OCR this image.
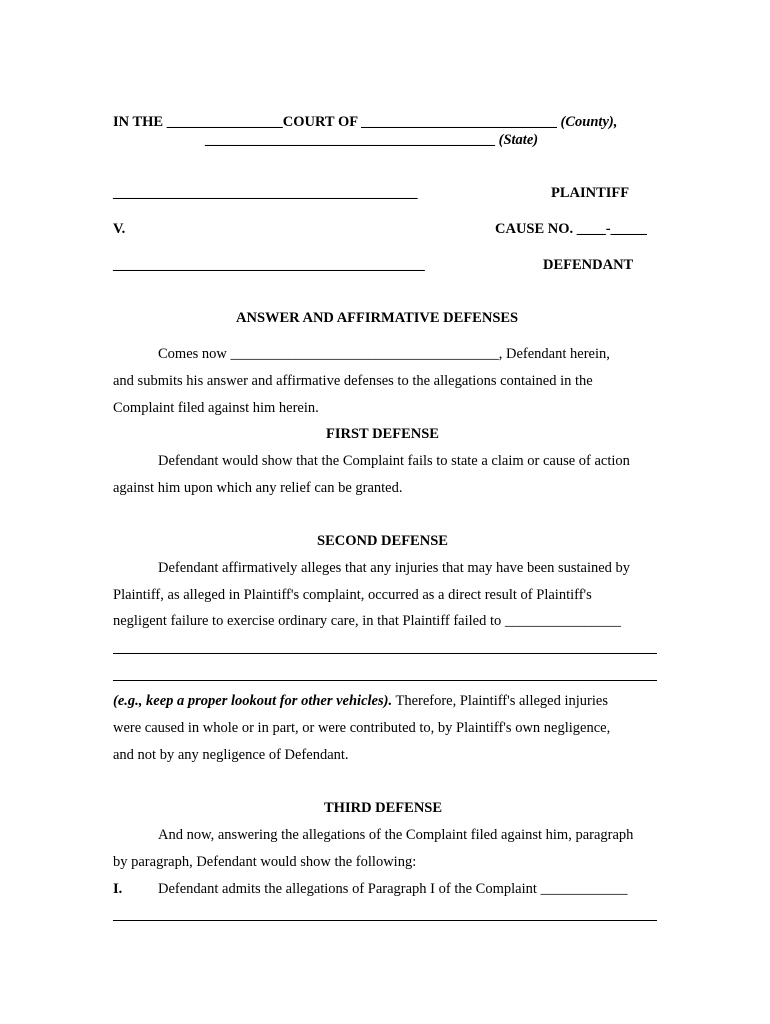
IN THE ________________COURT OF ___________________________ (County),
________________________________________ (State)
__________________________________________	PLAINTIFF
V.	CAUSE NO. ____-_____
___________________________________________	DEFENDANT
ANSWER AND AFFIRMATIVE DEFENSES
Comes now _____________________________________, Defendant herein,
and submits his answer and affirmative defenses to the allegations contained in the
Complaint filed against him herein.
FIRST DEFENSE
Defendant would show that the Complaint fails to state a claim or cause of action
against him upon which any relief can be granted.
SECOND DEFENSE
Defendant affirmatively alleges that any injuries that may have been sustained by
Plaintiff, as alleged in Plaintiff's complaint, occurred as a direct result of Plaintiff's
negligent failure to exercise ordinary care, in that Plaintiff failed to ________________
(e.g., keep a proper lookout for other vehicles). Therefore, Plaintiff's alleged injuries
were caused in whole or in part, or were contributed to, by Plaintiff's own negligence,
and not by any negligence of Defendant.
THIRD DEFENSE
And now, answering the allegations of the Complaint filed against him, paragraph
by paragraph, Defendant would show the following:
I. Defendant admits the allegations of Paragraph I of the Complaint ____________
